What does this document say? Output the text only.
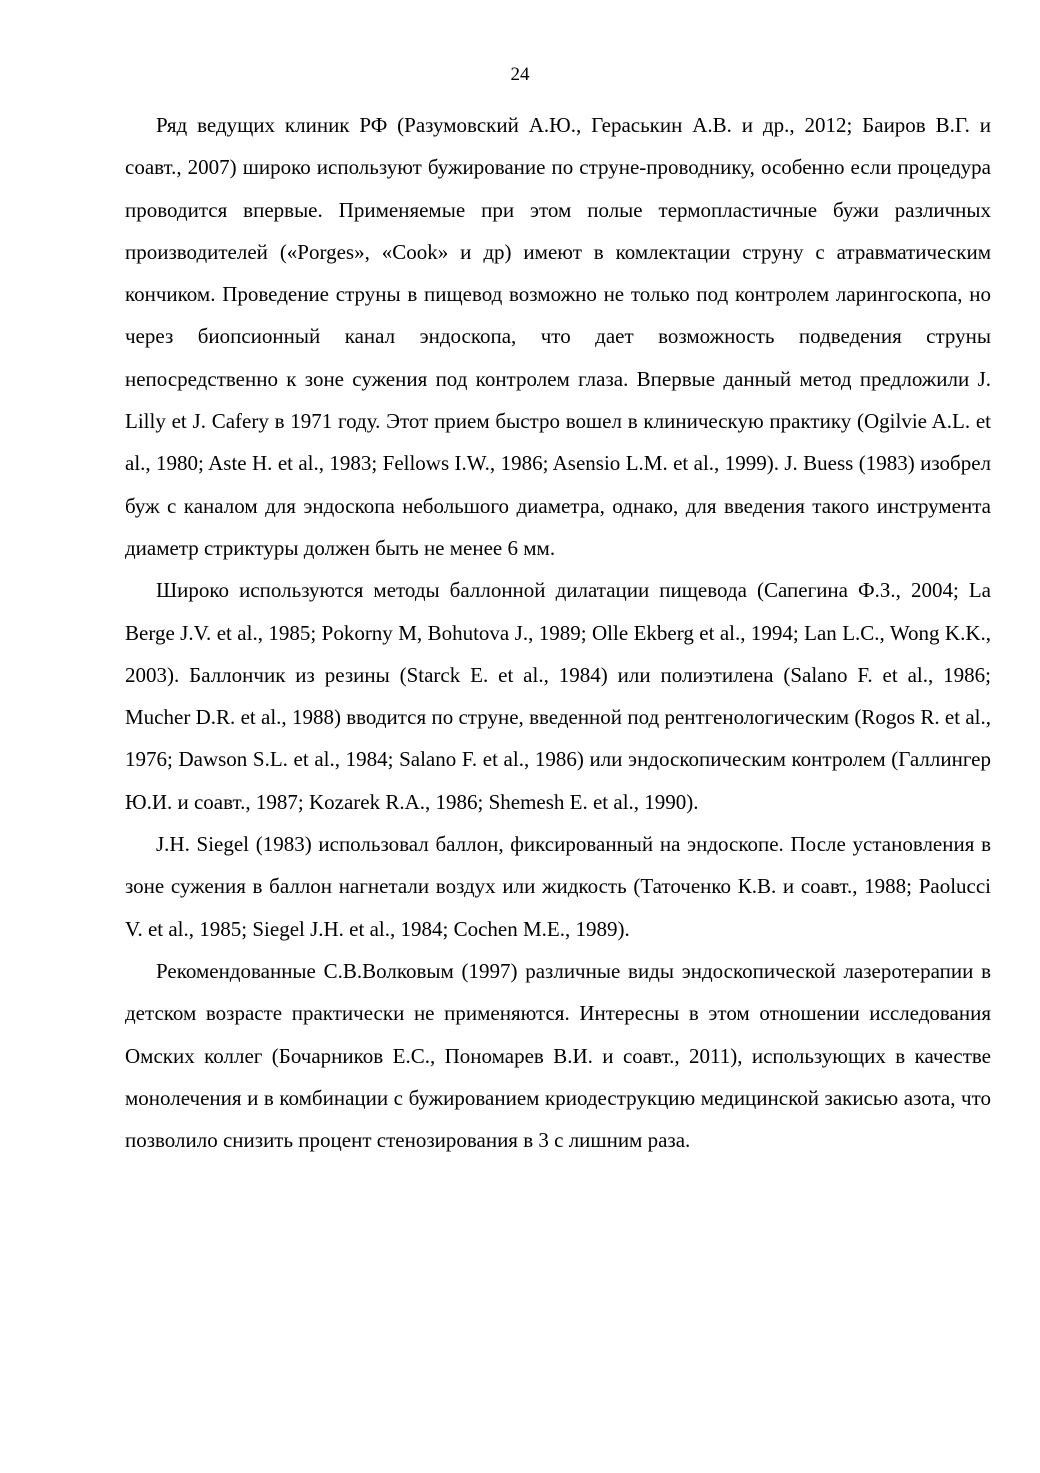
24

Ряд ведущих клиник РФ (Разумовский А.Ю., Гераськин А.В. и др., 2012; Баиров В.Г. и соавт., 2007) широко используют бужирование по струне-проводнику, особенно если процедура проводится впервые. Применяемые при этом полые термопластичные бужи различных производителей («Porges», «Cook» и др) имеют в комлектации струну с атравматическим кончиком. Проведение струны в пищевод возможно не только под контролем ларингоскопа, но через биопсионный канал эндоскопа, что дает возможность подведения струны непосредственно к зоне сужения под контролем глаза. Впервые данный метод предложили J. Lilly et J. Cafery в 1971 году. Этот прием быстро вошел в клиническую практику (Ogilvie A.L. et al., 1980; Aste H. et al., 1983; Fellows I.W., 1986; Asensio L.M. et al., 1999). J. Buess (1983) изобрел буж с каналом для эндоскопа небольшого диаметра, однако, для введения такого инструмента диаметр стриктуры должен быть не менее 6 мм.

Широко используются методы баллонной дилатации пищевода (Сапегина Ф.З., 2004; La Berge J.V. et al., 1985; Pokorny M, Bohutova J., 1989; Olle Ekberg et al., 1994; Lan L.C., Wong K.K., 2003). Баллончик из резины (Starck E. et al., 1984) или полиэтилена (Salano F. et al., 1986; Mucher D.R. et al., 1988) вводится по струне, введенной под рентгенологическим (Rogos R. et al., 1976; Dawson S.L. et al., 1984; Salano F. et al., 1986) или эндоскопическим контролем (Галлингер Ю.И. и соавт., 1987; Kozarek R.A., 1986; Shemesh E. et al., 1990).

J.H. Siegel (1983) использовал баллон, фиксированный на эндоскопе. После установления в зоне сужения в баллон нагнетали воздух или жидкость (Таточенко К.В. и соавт., 1988; Paolucci V. et al., 1985; Siegel J.H. et al., 1984; Cochen M.E., 1989).

Рекомендованные С.В.Волковым (1997) различные виды эндоскопической лазеротерапии в детском возрасте практически не применяются. Интересны в этом отношении исследования Омских коллег (Бочарников Е.С., Пономарев В.И. и соавт., 2011), использующих в качестве монолечения и в комбинации с бужированием криодеструкцию медицинской закисью азота, что позволило снизить процент стенозирования в 3 с лишним раза.
